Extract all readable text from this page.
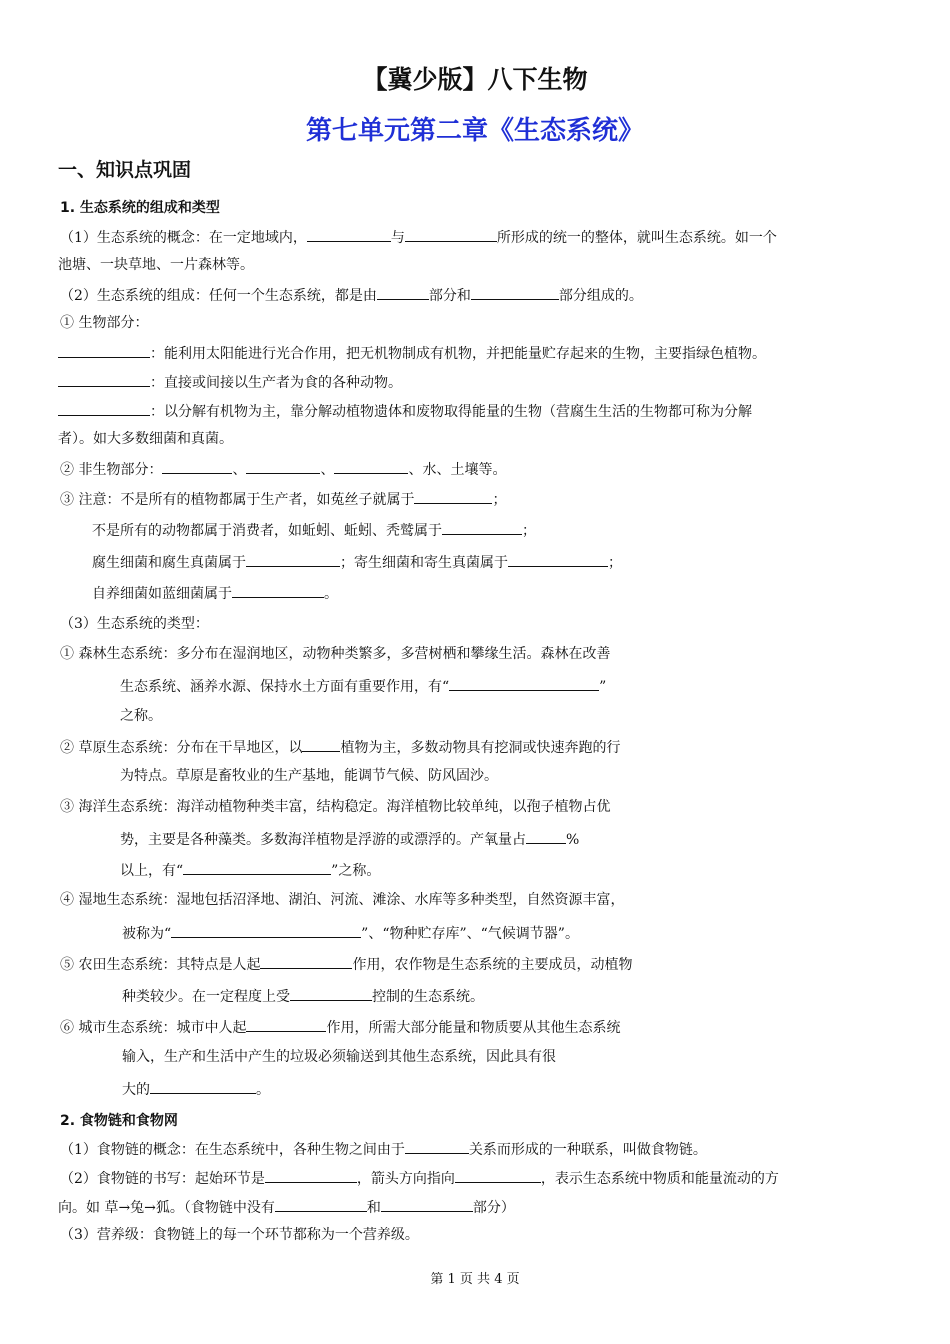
【冀少版】八下生物
第七单元第二章《生态系统》
一、知识点巩固
1. 生态系统的组成和类型
（1）生态系统的概念：在一定地域内，	与	所形成的统一的整体，就叫生态系统。如一个
池塘、一块草地、一片森林等。
（2）生态系统的组成：任何一个生态系统，都是由	部分和	部分组成的。
① 生物部分：
：能利用太阳能进行光合作用，把无机物制成有机物，并把能量贮存起来的生物，主要指绿色植物。
：直接或间接以生产者为食的各种动物。
：以分解有机物为主，靠分解动植物遗体和废物取得能量的生物（营腐生生活的生物都可称为分解
者）。如大多数细菌和真菌。
② 非生物部分：	、	、	、水、土壤等。
③ 注意：不是所有的植物都属于生产者，如菟丝子就属于	；
不是所有的动物都属于消费者，如蚯蚓、蚯蚓、秃鹫属于	；
腐生细菌和腐生真菌属于	；寄生细菌和寄生真菌属于	；
自养细菌如蓝细菌属于	。
（3）生态系统的类型：
① 森林生态系统：多分布在湿润地区，动物种类繁多，多营树栖和攀缘生活。森林在改善
生态系统、涵养水源、保持水土方面有重要作用，有“	”
之称。
② 草原生态系统：分布在干旱地区，以	植物为主，多数动物具有挖洞或快速奔跑的行
为特点。草原是畜牧业的生产基地，能调节气候、防风固沙。
③ 海洋生态系统：海洋动植物种类丰富，结构稳定。海洋植物比较单纯，以孢子植物占优
势，主要是各种藻类。多数海洋植物是浮游的或漂浮的。产氧量占	%
以上，有“	”之称。
④ 湿地生态系统：湿地包括沼泽地、湖泊、河流、滩涂、水库等多种类型，自然资源丰富，
被称为“	”、“物种贮存库”、“气候调节器”。
⑤ 农田生态系统：其特点是人起	作用，农作物是生态系统的主要成员，动植物
种类较少。在一定程度上受	控制的生态系统。
⑥ 城市生态系统：城市中人起	作用，所需大部分能量和物质要从其他生态系统
输入，生产和生活中产生的垃圾必须输送到其他生态系统，因此具有很
大的	。
2. 食物链和食物网
（1）食物链的概念：在生态系统中，各种生物之间由于	关系而形成的一种联系，叫做食物链。
（2）食物链的书写：起始环节是	，箭头方向指向	，表示生态系统中物质和能量流动的方
向。如 草→兔→狐。（食物链中没有	和	部分）
（3）营养级：食物链上的每一个环节都称为一个营养级。
第 1 页 共 4 页
